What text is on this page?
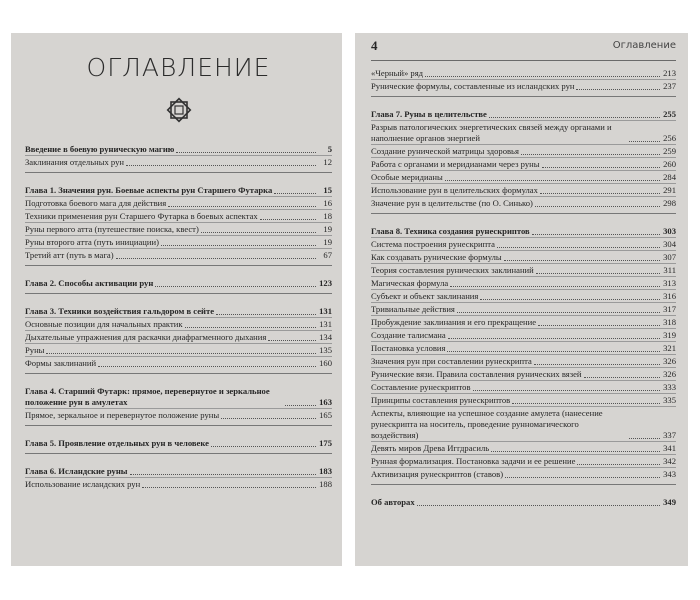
ОГЛАВЛЕНИЕ
Введение в боевую руническую магию	5
Заклинания отдельных рун	12
Глава 1. Значения рун. Боевые аспекты рун Старшего Футарка	15
Подготовка боевого мага для действия	16
Техники применения рун Старшего Футарка в боевых аспектах	18
Руны первого атта (путешествие поиска, квест)	19
Руны второго атта (путь инициации)	19
Третий атт (путь в мага)	67
Глава 2. Способы активации рун	123
Глава 3. Техники воздействия гальдором в сейте	131
Основные позиции для начальных практик	131
Дыхательные упражнения для раскачки диафрагменного дыхания	134
Руны	135
Формы заклинаний	160
Глава 4. Старший Футарк: прямое, перевернутое и зеркальное положение рун в амулетах	163
Прямое, зеркальное и перевернутое положение руны	165
Глава 5. Проявление отдельных рун в человеке	175
Глава 6. Исландские руны	183
Использование исландских рун	188
4	Оглавление
«Черный» ряд	213
Рунические формулы, составленные из исландских рун	237
Глава 7. Руны в целительстве	255
Разрыв патологических энергетических связей между органами и наполнение органов энергией	256
Создание рунической матрицы здоровья	259
Работа с органами и меридианами через руны	260
Особые меридианы	284
Использование рун в целительских формулах	291
Значение рун в целительстве (по О. Синько)	298
Глава 8. Техника создания рунескриптов	303
Система построения рунескрипта	304
Как создавать рунические формулы	307
Теория составления рунических заклинаний	311
Магическая формула	313
Субъект и объект заклинания	316
Тривиальные действия	317
Пробуждение заклинания и его прекращение	318
Создание талисмана	319
Постановка условия	321
Значения рун при составлении рунескрипта	326
Рунические вязи. Правила составления рунических вязей	326
Составление рунескриптов	333
Принципы составления рунескриптов	335
Аспекты, влияющие на успешное создание амулета (нанесение рунескрипта на носитель, проведение рунномагического воздействия)	337
Девять миров Древа Иггдрасиль	341
Рунная формализация. Постановка задачи и ее решение	342
Активизация рунескриптов (ставов)	343
Об авторах	349
